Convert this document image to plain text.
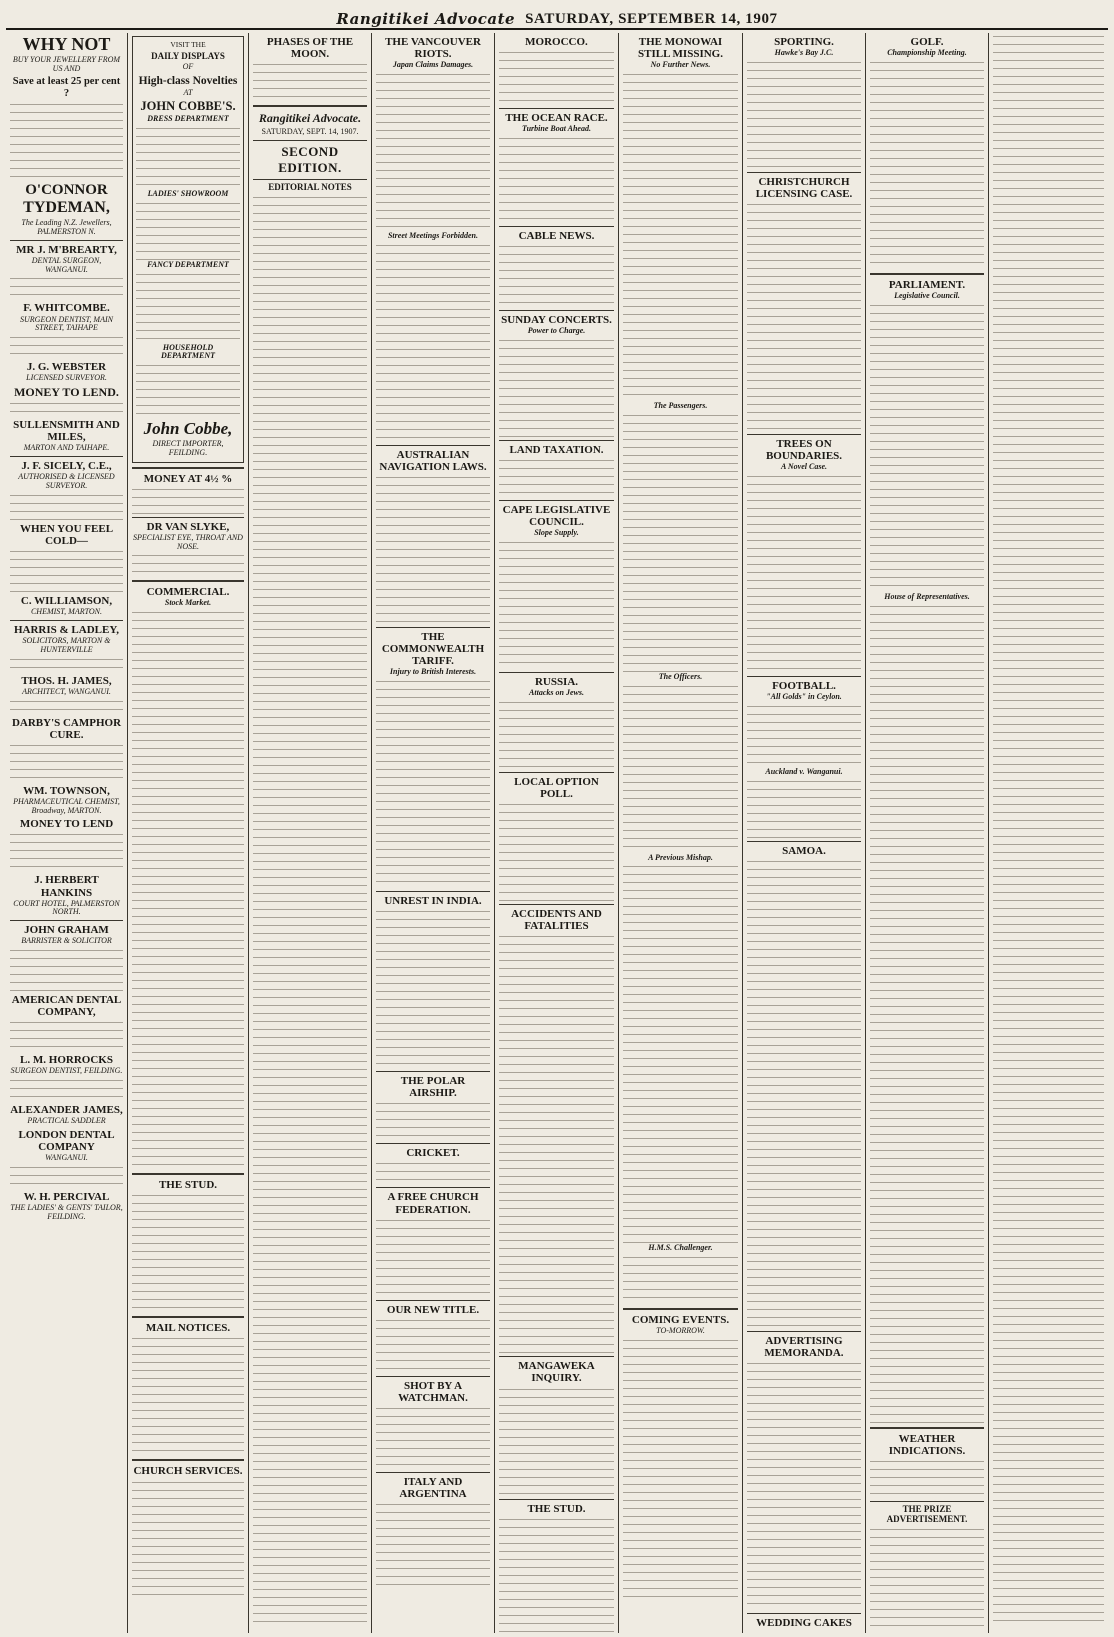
Rangitikei Advocate SATURDAY, SEPTEMBER 14, 1907
WHY NOT
BUY YOUR JEWELLERY FROM US AND
Save at least 25 per cent ?
O'CONNOR
TYDEMAN,
The Leading N.Z. Jewellers, PALMERSTON N.
MR J. M'BREARTY,
DENTAL SURGEON, WANGANUI.
F. WHITCOMBE.
SURGEON DENTIST, MAIN STREET, TAIHAPE
J. G. WEBSTER
LICENSED SURVEYOR.
MONEY TO LEND.
SULLENSMITH AND MILES,
MARTON AND TAIHAPE.
J. F. SICELY, C.E.,
AUTHORISED & LICENSED SURVEYOR.
WHEN YOU FEEL COLD—
C. WILLIAMSON,
CHEMIST, MARTON.
HARRIS & LADLEY,
SOLICITORS, MARTON & HUNTERVILLE
THOS. H. JAMES,
ARCHITECT, WANGANUI.
DARBY'S CAMPHOR CURE.
WM. TOWNSON,
PHARMACEUTICAL CHEMIST, Broadway, MARTON.
MONEY TO LEND
J. HERBERT HANKINS
COURT HOTEL, PALMERSTON NORTH.
JOHN GRAHAM
BARRISTER & SOLICITOR
AMERICAN DENTAL COMPANY,
L. M. HORROCKS
SURGEON DENTIST, FEILDING.
ALEXANDER JAMES,
PRACTICAL SADDLER
LONDON DENTAL COMPANY
WANGANUI.
W. H. PERCIVAL
THE LADIES' & GENTS' TAILOR, FEILDING.
VISIT THE
DAILY DISPLAYS
OF
High-class Novelties
AT
JOHN COBBE'S.
DRESS DEPARTMENT
LADIES' SHOWROOM
FANCY DEPARTMENT
HOUSEHOLD DEPARTMENT
John Cobbe,
DIRECT IMPORTER, FEILDING.
MONEY AT 4½ %
DR VAN SLYKE,
SPECIALIST EYE, THROAT AND NOSE.
COMMERCIAL.
Stock Market.
THE STUD.
MAIL NOTICES.
CHURCH SERVICES.
PHASES OF THE MOON.
Rangitikei Advocate.
SATURDAY, SEPT. 14, 1907.
SECOND EDITION.
EDITORIAL NOTES
THE VANCOUVER RIOTS.
Japan Claims Damages.
Street Meetings Forbidden.
AUSTRALIAN NAVIGATION LAWS.
THE COMMONWEALTH TARIFF.
Injury to British Interests.
UNREST IN INDIA.
THE POLAR AIRSHIP.
CRICKET.
A FREE CHURCH FEDERATION.
OUR NEW TITLE.
SHOT BY A WATCHMAN.
ITALY AND ARGENTINA
MOROCCO.
THE OCEAN RACE.
Turbine Boat Ahead.
CABLE NEWS.
SUNDAY CONCERTS.
Power to Charge.
LAND TAXATION.
CAPE LEGISLATIVE COUNCIL.
Slope Supply.
RUSSIA.
Attacks on Jews.
LOCAL OPTION POLL.
ACCIDENTS AND FATALITIES
MANGAWEKA INQUIRY.
THE STUD.
THE MONOWAI STILL MISSING.
No Further News.
The Passengers.
The Officers.
A Previous Mishap.
H.M.S. Challenger.
COMING EVENTS.
TO-MORROW.
SPORTING.
Hawke's Bay J.C.
CHRISTCHURCH LICENSING CASE.
TREES ON BOUNDARIES.
A Novel Case.
FOOTBALL.
"All Golds" in Ceylon.
Auckland v. Wanganui.
SAMOA.
ADVERTISING MEMORANDA.
WEDDING CAKES
GOLF.
Championship Meeting.
PARLIAMENT.
Legislative Council.
House of Representatives.
WEATHER INDICATIONS.
THE PRIZE ADVERTISEMENT.
